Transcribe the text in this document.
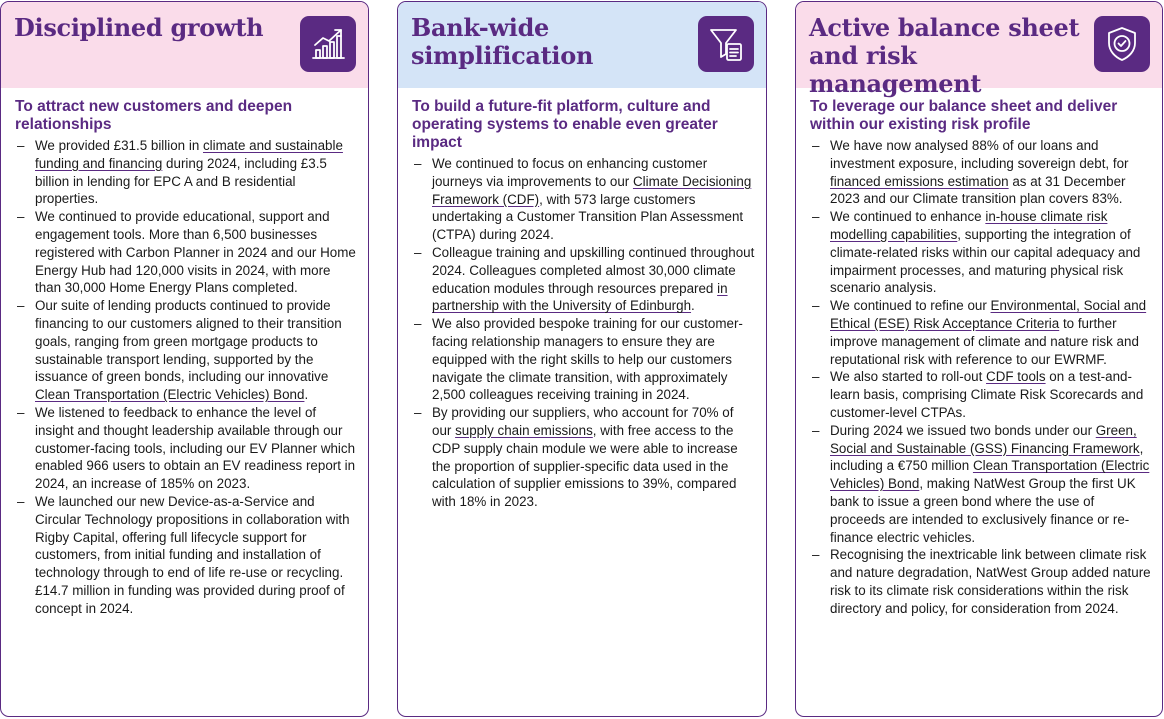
Disciplined growth
To attract new customers and deepen relationships
– We provided £31.5 billion in climate and sustainable funding and financing during 2024, including £3.5 billion in lending for EPC A and B residential properties.
– We continued to provide educational, support and engagement tools. More than 6,500 businesses registered with Carbon Planner in 2024 and our Home Energy Hub had 120,000 visits in 2024, with more than 30,000 Home Energy Plans completed.
– Our suite of lending products continued to provide financing to our customers aligned to their transition goals, ranging from green mortgage products to sustainable transport lending, supported by the issuance of green bonds, including our innovative Clean Transportation (Electric Vehicles) Bond.
– We listened to feedback to enhance the level of insight and thought leadership available through our customer-facing tools, including our EV Planner which enabled 966 users to obtain an EV readiness report in 2024, an increase of 185% on 2023.
– We launched our new Device-as-a-Service and Circular Technology propositions in collaboration with Rigby Capital, offering full lifecycle support for customers, from initial funding and installation of technology through to end of life re-use or recycling. £14.7 million in funding was provided during proof of concept in 2024.
Bank-wide simplification
To build a future-fit platform, culture and operating systems to enable even greater impact
– We continued to focus on enhancing customer journeys via improvements to our Climate Decisioning Framework (CDF), with 573 large customers undertaking a Customer Transition Plan Assessment (CTPA) during 2024.
– Colleague training and upskilling continued throughout 2024. Colleagues completed almost 30,000 climate education modules through resources prepared in partnership with the University of Edinburgh.
– We also provided bespoke training for our customer-facing relationship managers to ensure they are equipped with the right skills to help our customers navigate the climate transition, with approximately 2,500 colleagues receiving training in 2024.
– By providing our suppliers, who account for 70% of our supply chain emissions, with free access to the CDP supply chain module we were able to increase the proportion of supplier-specific data used in the calculation of supplier emissions to 39%, compared with 18% in 2023.
Active balance sheet and risk management
To leverage our balance sheet and deliver within our existing risk profile
– We have now analysed 88% of our loans and investment exposure, including sovereign debt, for financed emissions estimation as at 31 December 2023 and our Climate transition plan covers 83%.
– We continued to enhance in-house climate risk modelling capabilities, supporting the integration of climate-related risks within our capital adequacy and impairment processes, and maturing physical risk scenario analysis.
– We continued to refine our Environmental, Social and Ethical (ESE) Risk Acceptance Criteria to further improve management of climate and nature risk and reputational risk with reference to our EWRMF.
– We also started to roll-out CDF tools on a test-and-learn basis, comprising Climate Risk Scorecards and customer-level CTPAs.
– During 2024 we issued two bonds under our Green, Social and Sustainable (GSS) Financing Framework, including a €750 million Clean Transportation (Electric Vehicles) Bond, making NatWest Group the first UK bank to issue a green bond where the use of proceeds are intended to exclusively finance or re-finance electric vehicles.
– Recognising the inextricable link between climate risk and nature degradation, NatWest Group added nature risk to its climate risk considerations within the risk directory and policy, for consideration from 2024.
